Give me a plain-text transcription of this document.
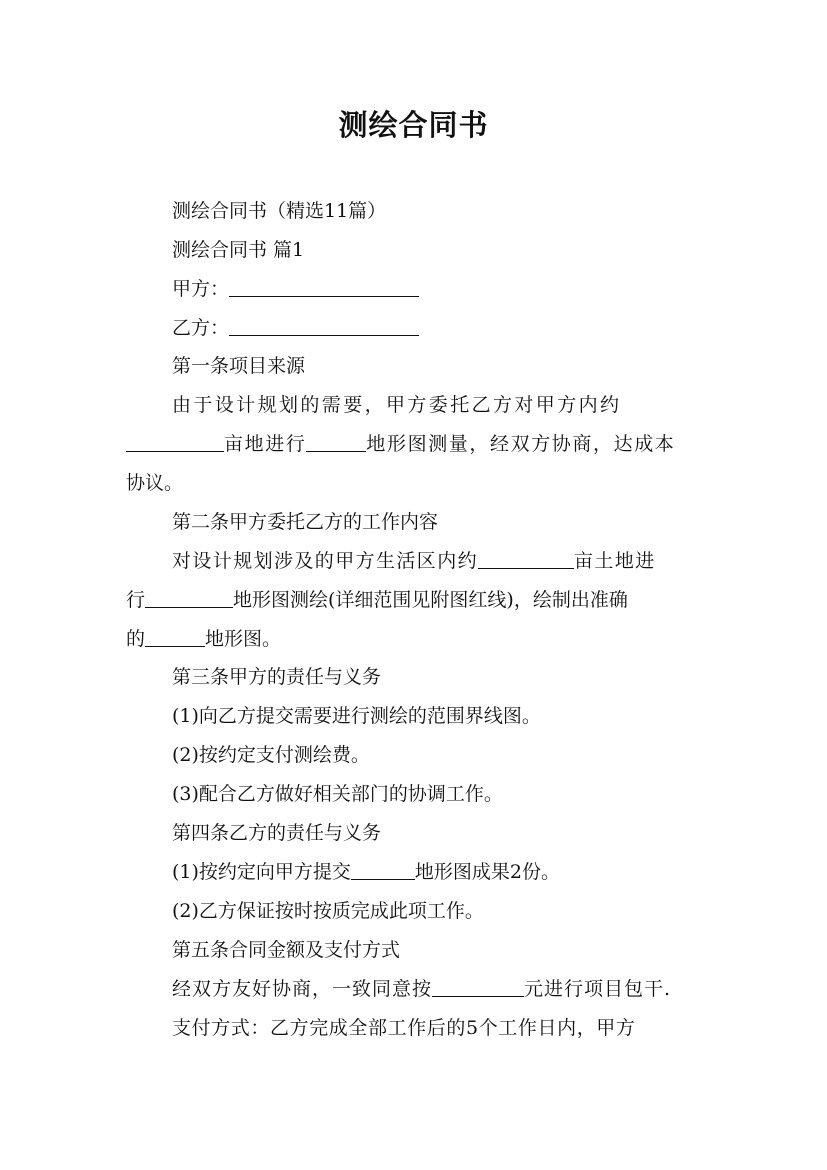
测绘合同书
测绘合同书（精选11篇）
测绘合同书 篇1
甲方：
乙方：
第一条项目来源
由于设计规划的需要，甲方委托乙方对甲方内约
亩地进行	地形图测量，经双方协商，达成本
协议。
第二条甲方委托乙方的工作内容
对设计规划涉及的甲方生活区内约	亩土地进
行	地形图测绘(详细范围见附图红线)，绘制出准确
的	地形图。
第三条甲方的责任与义务
(1)向乙方提交需要进行测绘的范围界线图。
(2)按约定支付测绘费。
(3)配合乙方做好相关部门的协调工作。
第四条乙方的责任与义务
(1)按约定向甲方提交	地形图成果2份。
(2)乙方保证按时按质完成此项工作。
第五条合同金额及支付方式
经双方友好协商，一致同意按	元进行项目包干.
支付方式：乙方完成全部工作后的5个工作日内，甲方
